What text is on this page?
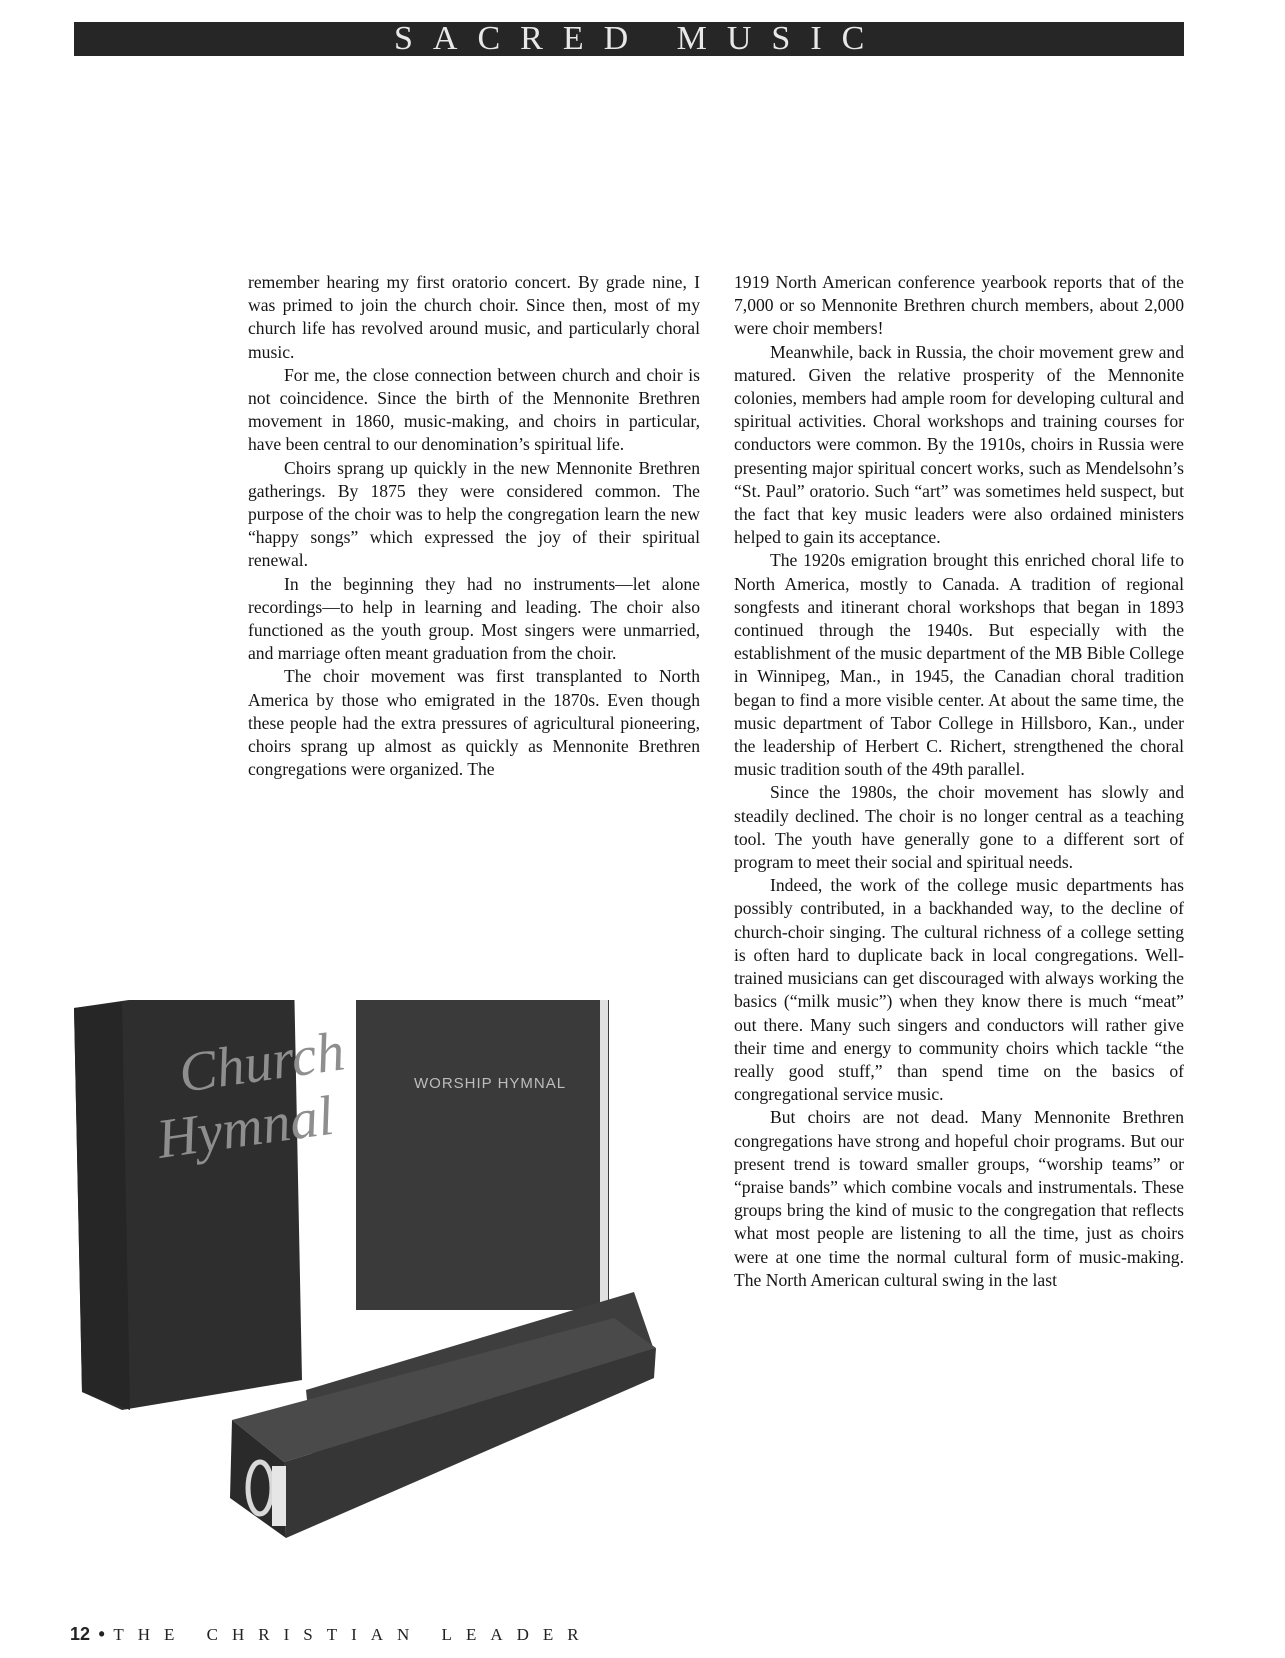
SACRED MUSIC

remember hearing my first oratorio concert. By grade nine, I was primed to join the church choir. Since then, most of my church life has revolved around music, and particularly choral music.

For me, the close connection between church and choir is not coincidence. Since the birth of the Mennonite Brethren movement in 1860, music-making, and choirs in particular, have been central to our denomination’s spiritual life.

Choirs sprang up quickly in the new Mennonite Brethren gatherings. By 1875 they were considered common. The purpose of the choir was to help the congregation learn the new “happy songs” which expressed the joy of their spiritual renewal.

In the beginning they had no instruments—let alone recordings—to help in learning and leading. The choir also functioned as the youth group. Most singers were unmarried, and marriage often meant graduation from the choir.

The choir movement was first transplanted to North America by those who emigrated in the 1870s. Even though these people had the extra pressures of agricultural pioneering, choirs sprang up almost as quickly as Mennonite Brethren congregations were organized. The

1919 North American conference yearbook reports that of the 7,000 or so Mennonite Brethren church members, about 2,000 were choir members!

Meanwhile, back in Russia, the choir movement grew and matured. Given the relative prosperity of the Mennonite colonies, members had ample room for developing cultural and spiritual activities. Choral workshops and training courses for conductors were common. By the 1910s, choirs in Russia were presenting major spiritual concert works, such as Mendelsohn’s “St. Paul” oratorio. Such “art” was sometimes held suspect, but the fact that key music leaders were also ordained ministers helped to gain its acceptance.

The 1920s emigration brought this enriched choral life to North America, mostly to Canada. A tradition of regional songfests and itinerant choral workshops that began in 1893 continued through the 1940s. But especially with the establishment of the music department of the MB Bible College in Winnipeg, Man., in 1945, the Canadian choral tradition began to find a more visible center. At about the same time, the music department of Tabor College in Hillsboro, Kan., under the leadership of Herbert C. Richert, strengthened the choral music tradition south of the 49th parallel.

Since the 1980s, the choir movement has slowly and steadily declined. The choir is no longer central as a teaching tool. The youth have generally gone to a different sort of program to meet their social and spiritual needs.

Indeed, the work of the college music departments has possibly contributed, in a backhanded way, to the decline of church-choir singing. The cultural richness of a college setting is often hard to duplicate back in local congregations. Well-trained musicians can get discouraged with always working the basics (“milk music”) when they know there is much “meat” out there. Many such singers and conductors will rather give their time and energy to community choirs which tackle “the really good stuff,” than spend time on the basics of congregational service music.

But choirs are not dead. Many Mennonite Brethren congregations have strong and hopeful choir programs. But our present trend is toward smaller groups, “worship teams” or “praise bands” which combine vocals and instrumentals. These groups bring the kind of music to the congregation that reflects what most people are listening to all the time, just as choirs were at one time the normal cultural form of music-making. The North American cultural swing in the last

WORSHIP HYMNAL
Church
Hymnal
12 • THE CHRISTIAN LEADER
